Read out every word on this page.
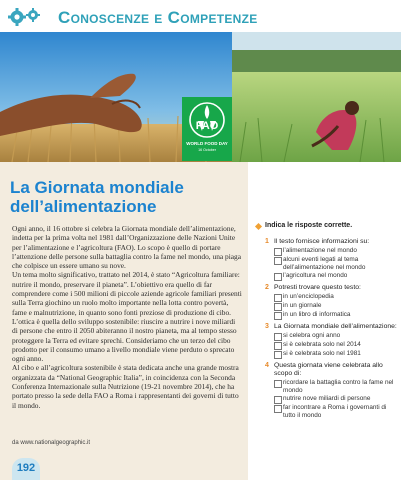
Conoscenze e Competenze
FAO
WORLD FOOD DAY
16 October
La Giornata mondiale
dell’alimentazione

Ogni anno, il 16 ottobre si celebra la Giornata mondiale dell’alimentazione, indetta per la prima volta nel 1981 dall’Organizzazione delle Nazioni Unite per l’alimentazione e l’agricoltura (FAO). Lo scopo è quello di portare l’attenzione delle persone sulla battaglia contro la fame nel mondo, una piaga che colpisce un essere umano su nove.

Un tema molto significativo, trattato nel 2014, è stato “Agricoltura familiare: nutrire il mondo, preservare il pianeta”. L’obiettivo era quello di far comprendere come i 500 milioni di piccole aziende agricole familiari presenti sulla Terra giochino un ruolo molto importante nella lotta contro povertà, fame e malnutrizione, in quanto sono fonti preziose di produzione di cibo.

L’ottica è quella dello sviluppo sostenibile: riuscire a nutrire i nove miliardi di persone che entro il 2050 abiteranno il nostro pianeta, ma al tempo stesso proteggere la Terra ed evitare sprechi. Consideriamo che un terzo del cibo prodotto per il consumo umano a livello mondiale viene perduto o sprecato ogni anno.

Al cibo e all’agricoltura sostenibile è stata dedicata anche una grande mostra organizzata da “National Geographic Italia”, in coincidenza con la Seconda Conferenza Internazionale sulla Nutrizione (19-21 novembre 2014), che ha portato presso la sede della FAO a Roma i rappresentanti dei governi di tutto il mondo.

da www.nationalgeographic.it
192
Indica le risposte corrette.
1 Il testo fornisce informazioni su:
l’alimentazione nel mondo
alcuni eventi legati al tema dell’alimentazione nel mondo
l’agricoltura nel mondo
2 Potresti trovare questo testo:
in un’enciclopedia
in un giornale
in un libro di informatica
3 La Giornata mondiale dell’alimentazione:
si celebra ogni anno
si è celebrata solo nel 2014
si è celebrata solo nel 1981
4 Questa giornata viene celebrata allo scopo di:
ricordare la battaglia contro la fame nel mondo
nutrire nove miliardi di persone
far incontrare a Roma i governanti di tutto il mondo
